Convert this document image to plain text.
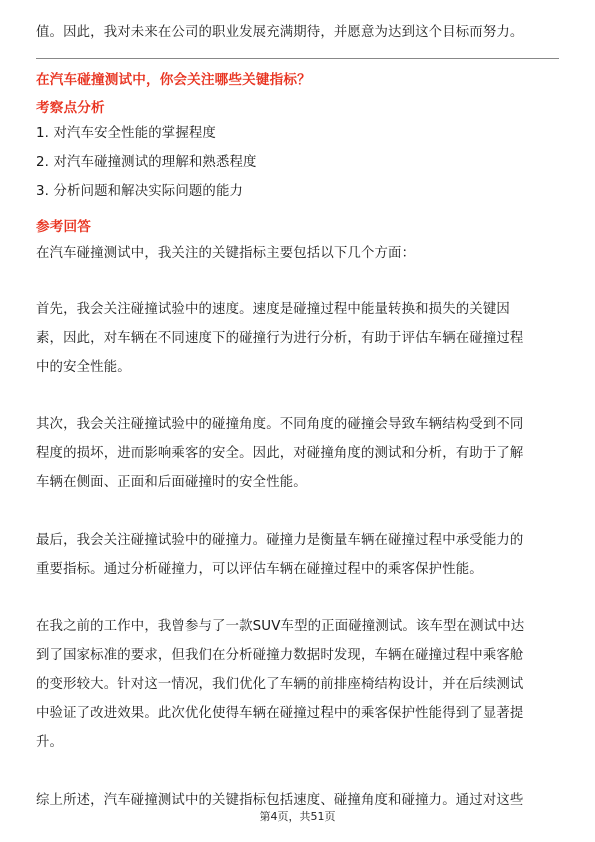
值。因此，我对未来在公司的职业发展充满期待，并愿意为达到这个目标而努力。
在汽车碰撞测试中，你会关注哪些关键指标？
考察点分析
1. 对汽车安全性能的掌握程度
2. 对汽车碰撞测试的理解和熟悉程度
3. 分析问题和解决实际问题的能力
参考回答
在汽车碰撞测试中，我关注的关键指标主要包括以下几个方面：
首先，我会关注碰撞试验中的速度。速度是碰撞过程中能量转换和损失的关键因
素，因此，对车辆在不同速度下的碰撞行为进行分析，有助于评估车辆在碰撞过程
中的安全性能。
其次，我会关注碰撞试验中的碰撞角度。不同角度的碰撞会导致车辆结构受到不同
程度的损坏，进而影响乘客的安全。因此，对碰撞角度的测试和分析，有助于了解
车辆在侧面、正面和后面碰撞时的安全性能。
最后，我会关注碰撞试验中的碰撞力。碰撞力是衡量车辆在碰撞过程中承受能力的
重要指标。通过分析碰撞力，可以评估车辆在碰撞过程中的乘客保护性能。
在我之前的工作中，我曾参与了一款SUV车型的正面碰撞测试。该车型在测试中达
到了国家标准的要求，但我们在分析碰撞力数据时发现，车辆在碰撞过程中乘客舱
的变形较大。针对这一情况，我们优化了车辆的前排座椅结构设计，并在后续测试
中验证了改进效果。此次优化使得车辆在碰撞过程中的乘客保护性能得到了显著提
升。
综上所述，汽车碰撞测试中的关键指标包括速度、碰撞角度和碰撞力。通过对这些
第4页，共51页
